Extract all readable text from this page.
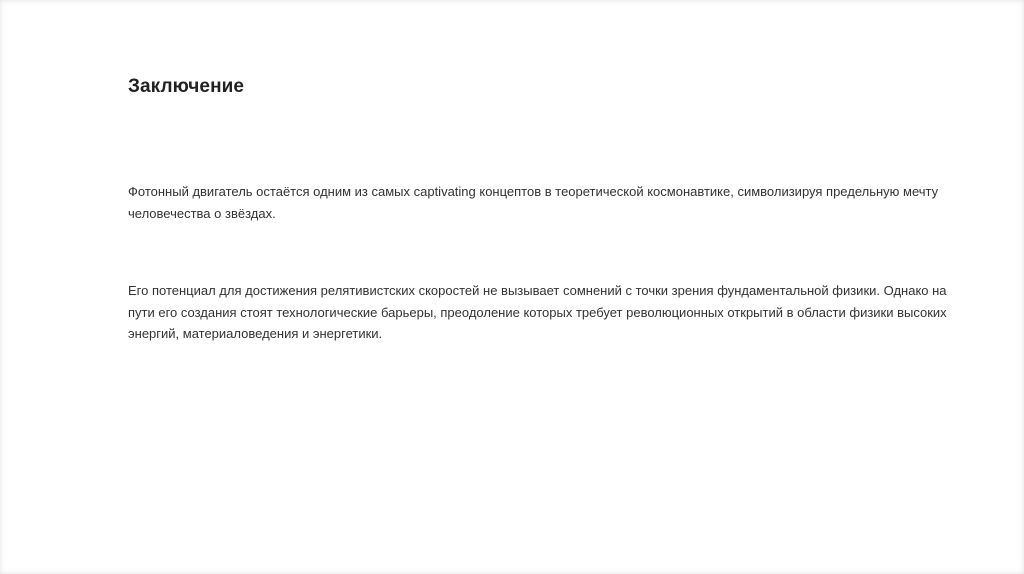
Заключение

Фотонный двигатель остаётся одним из самых captivating концептов в теоретической космонавтике, символизируя предельную мечту человечества о звёздах.

Его потенциал для достижения релятивистских скоростей не вызывает сомнений с точки зрения фундаментальной физики. Однако на пути его создания стоят технологические барьеры, преодоление которых требует революционных открытий в области физики высоких энергий, материаловедения и энергетики.
